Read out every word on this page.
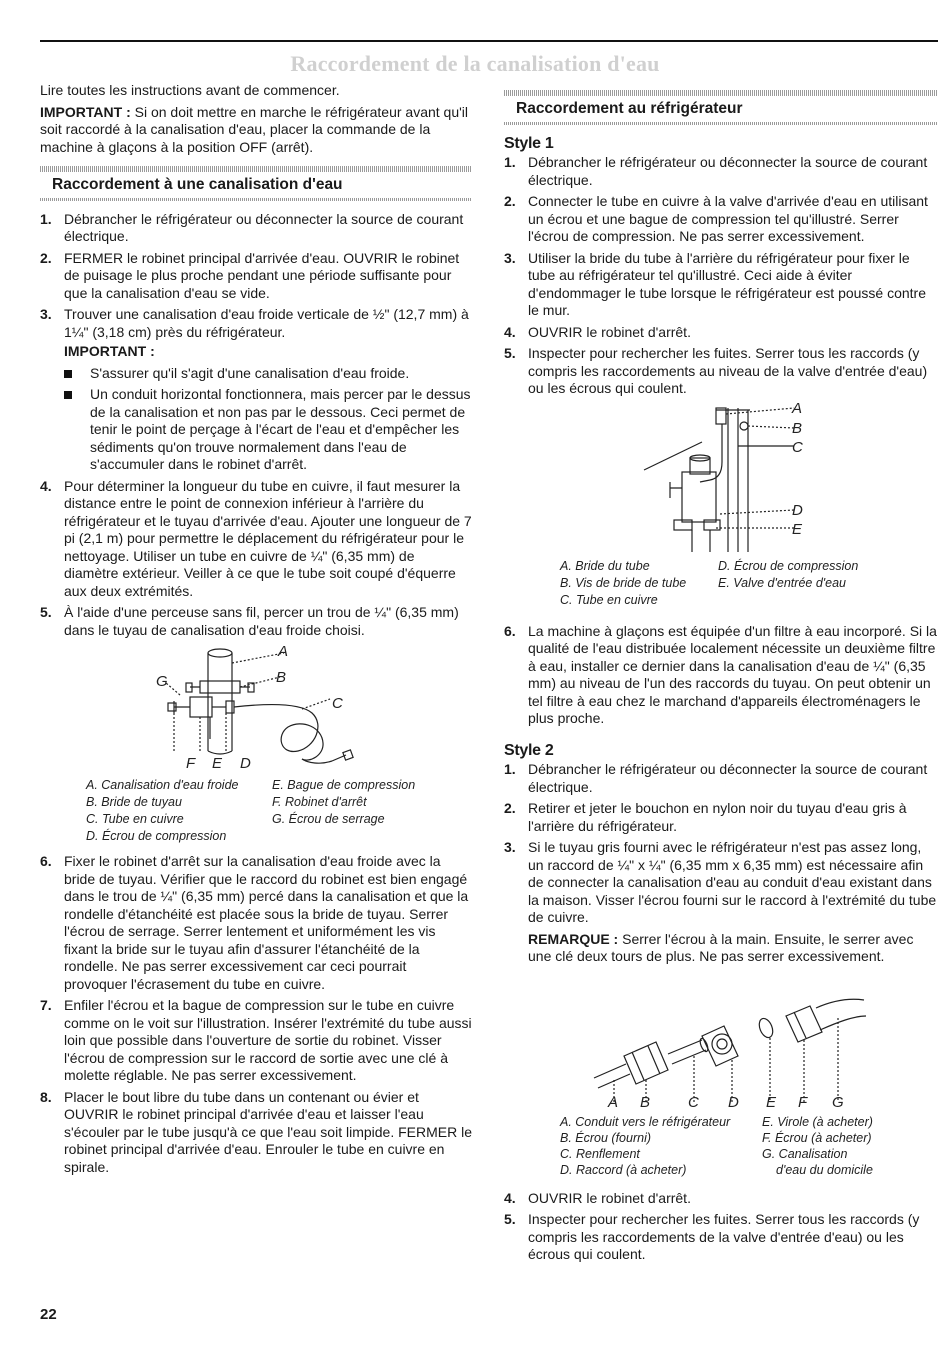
Raccordement de la canalisation d'eau

Lire toutes les instructions avant de commencer.

IMPORTANT : Si on doit mettre en marche le réfrigérateur avant qu'il soit raccordé à la canalisation d'eau, placer la commande de la machine à glaçons à la position OFF (arrêt).

Raccordement à une canalisation d'eau
1. Débrancher le réfrigérateur ou déconnecter la source de courant électrique.
2. FERMER le robinet principal d'arrivée d'eau. OUVRIR le robinet de puisage le plus proche pendant une période suffisante pour que la canalisation d'eau se vide.
3. Trouver une canalisation d'eau froide verticale de ½" (12,7 mm) à 1¼" (3,18 cm) près du réfrigérateur.
IMPORTANT :
S'assurer qu'il s'agit d'une canalisation d'eau froide.
Un conduit horizontal fonctionnera, mais percer par le dessus de la canalisation et non pas par le dessous. Ceci permet de tenir le point de perçage à l'écart de l'eau et d'empêcher les sédiments qu'on trouve normalement dans l'eau de s'accumuler dans le robinet d'arrêt.
4. Pour déterminer la longueur du tube en cuivre, il faut mesurer la distance entre le point de connexion inférieur à l'arrière du réfrigérateur et le tuyau d'arrivée d'eau. Ajouter une longueur de 7 pi (2,1 m) pour permettre le déplacement du réfrigérateur pour le nettoyage. Utiliser un tube en cuivre de ¼" (6,35 mm) de diamètre extérieur. Veiller à ce que le tube soit coupé d'équerre aux deux extrémités.
5. À l'aide d'une perceuse sans fil, percer un trou de ¼" (6,35 mm) dans le tuyau de canalisation d'eau froide choisi.
A
B
C
G
F E D
A. Canalisation d'eau froide
B. Bride de tuyau
C. Tube en cuivre
D. Écrou de compression
E. Bague de compression
F. Robinet d'arrêt
G. Écrou de serrage
6. Fixer le robinet d'arrêt sur la canalisation d'eau froide avec la bride de tuyau. Vérifier que le raccord du robinet est bien engagé dans le trou de ¼" (6,35 mm) percé dans la canalisation et que la rondelle d'étanchéité est placée sous la bride de tuyau. Serrer l'écrou de serrage. Serrer lentement et uniformément les vis fixant la bride sur le tuyau afin d'assurer l'étanchéité de la rondelle. Ne pas serrer excessivement car ceci pourrait provoquer l'écrasement du tube en cuivre.
7. Enfiler l'écrou et la bague de compression sur le tube en cuivre comme on le voit sur l'illustration. Insérer l'extrémité du tube aussi loin que possible dans l'ouverture de sortie du robinet. Visser l'écrou de compression sur le raccord de sortie avec une clé à molette réglable. Ne pas serrer excessivement.
8. Placer le bout libre du tube dans un contenant ou évier et OUVRIR le robinet principal d'arrivée d'eau et laisser l'eau s'écouler par le tube jusqu'à ce que l'eau soit limpide. FERMER le robinet principal d'arrivée d'eau. Enrouler le tube en cuivre en spirale.
Raccordement au réfrigérateur
Style 1
1. Débrancher le réfrigérateur ou déconnecter la source de courant électrique.
2. Connecter le tube en cuivre à la valve d'arrivée d'eau en utilisant un écrou et une bague de compression tel qu'illustré. Serrer l'écrou de compression. Ne pas serrer excessivement.
3. Utiliser la bride du tube à l'arrière du réfrigérateur pour fixer le tube au réfrigérateur tel qu'illustré. Ceci aide à éviter d'endommager le tube lorsque le réfrigérateur est poussé contre le mur.
4. OUVRIR le robinet d'arrêt.
5. Inspecter pour rechercher les fuites. Serrer tous les raccords (y compris les raccordements au niveau de la valve d'entrée d'eau) ou les écrous qui coulent.
A
B
C
D
E
A. Bride du tube
B. Vis de bride de tube
C. Tube en cuivre
D. Écrou de compression
E. Valve d'entrée d'eau
6. La machine à glaçons est équipée d'un filtre à eau incorporé. Si la qualité de l'eau distribuée localement nécessite un deuxième filtre à eau, installer ce dernier dans la canalisation d'eau de ¼" (6,35 mm) au niveau de l'un des raccords du tuyau. On peut obtenir un tel filtre à eau chez le marchand d'appareils électroménagers le plus proche.
Style 2
1. Débrancher le réfrigérateur ou déconnecter la source de courant électrique.
2. Retirer et jeter le bouchon en nylon noir du tuyau d'eau gris à l'arrière du réfrigérateur.
3. Si le tuyau gris fourni avec le réfrigérateur n'est pas assez long, un raccord de ¼" x ¼" (6,35 mm x 6,35 mm) est nécessaire afin de connecter la canalisation d'eau au conduit d'eau existant dans la maison. Visser l'écrou fourni sur le raccord à l'extrémité du tube de cuivre.

REMARQUE : Serrer l'écrou à la main. Ensuite, le serrer avec une clé deux tours de plus. Ne pas serrer excessivement.

A B	C D E F G
A. Conduit vers le réfrigérateur
B. Écrou (fourni)
C. Renflement
D. Raccord (à acheter)
E. Virole (à acheter)
F. Écrou (à acheter)
G. Canalisation
d'eau du domicile
4. OUVRIR le robinet d'arrêt.
5. Inspecter pour rechercher les fuites. Serrer tous les raccords (y compris les raccordements de la valve d'entrée d'eau) ou les écrous qui coulent.
22
